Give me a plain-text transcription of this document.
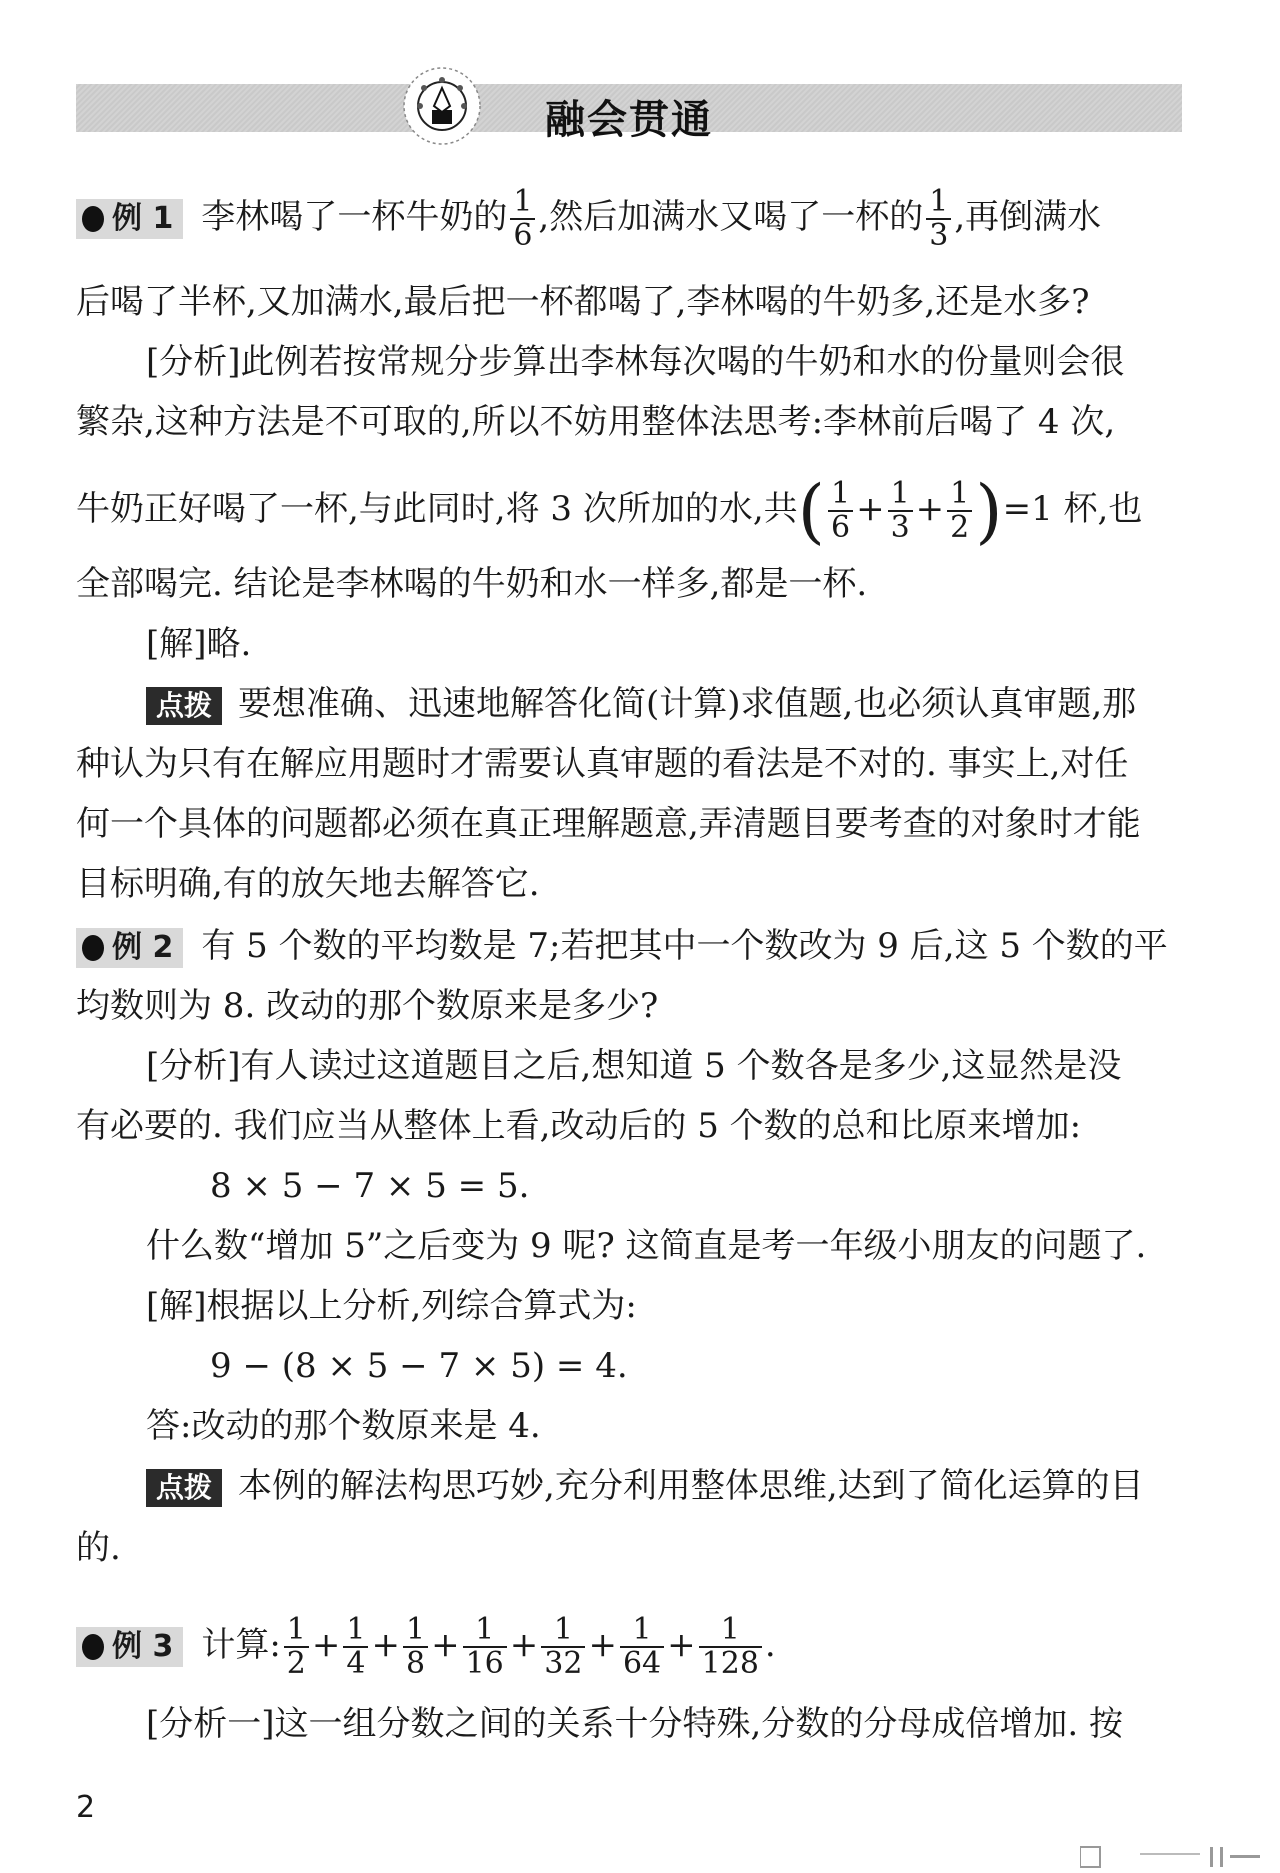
融会贯通
例 1 李林喝了一杯牛奶的 $\frac{1}{6}$ ,然后加满水又喝了一杯的 $\frac{1}{3}$ ,再倒满水
后喝了半杯,又加满水,最后把一杯都喝了,李林喝的牛奶多,还是水多?
[分析]此例若按常规分步算出李林每次喝的牛奶和水的份量则会很
繁杂,这种方法是不可取的,所以不妨用整体法思考:李林前后喝了 4 次,
牛奶正好喝了一杯,与此同时,将 3 次所加的水,共( $\frac{1}{6} + \frac{1}{3} + \frac{1}{2} )=1$ 杯,也
全部喝完. 结论是李林喝的牛奶和水一样多,都是一杯.
[解]略.
点拨 要想准确、迅速地解答化简(计算)求值题,也必须认真审题,那
种认为只有在解应用题时才需要认真审题的看法是不对的. 事实上,对任
何一个具体的问题都必须在真正理解题意,弄清题目要考查的对象时才能
目标明确,有的放矢地去解答它.
例 2 有 5 个数的平均数是 7;若把其中一个数改为 9 后,这 5 个数的平
均数则为 8. 改动的那个数原来是多少?
[分析]有人读过这道题目之后,想知道 5 个数各是多少,这显然是没
有必要的. 我们应当从整体上看,改动后的 5 个数的总和比原来增加:
8 × 5 − 7 × 5 = 5.
什么数“增加 5”之后变为 9 呢? 这简直是考一年级小朋友的问题了.
[解]根据以上分析,列综合算式为:
9 − (8 × 5 − 7 × 5) = 4.
答:改动的那个数原来是 4.
点拨 本例的解法构思巧妙,充分利用整体思维,达到了简化运算的目
的.
例 3 计算: $\frac{1}{2} + \frac{1}{4} + \frac{1}{8} + \frac{1}{16} + \frac{1}{32} + \frac{1}{64} + \frac{1}{128}$ .
[分析一]这一组分数之间的关系十分特殊,分数的分母成倍增加. 按
2
